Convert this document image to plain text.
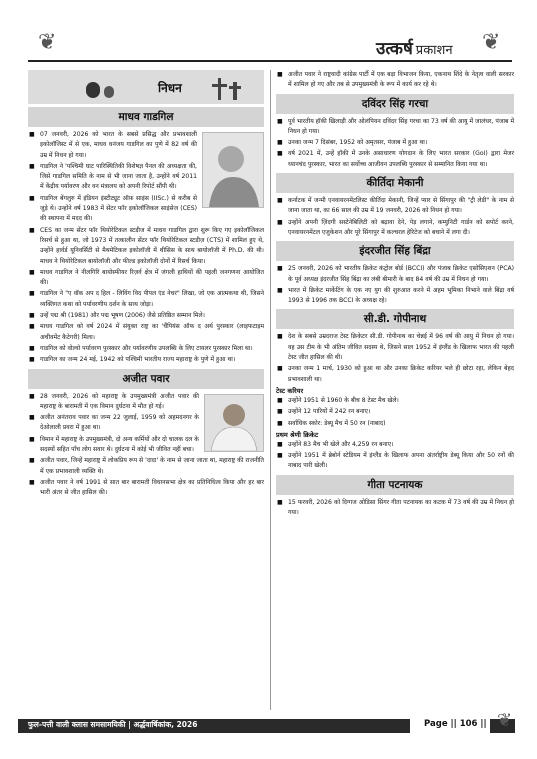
❦	उत्कर्ष प्रकाशन ❦
निधन
माधव गाडगिल
■ 07 जनवरी, 2026 को भारत के सबसे प्रसिद्ध और प्रभावशाली इकोलॉजिस्ट में से एक, माधव धनंजय गाडगिल का पुणे में 82 वर्ष की उम्र में निधन हो गया।
■ गाडगिल ने 'पश्चिमी घाट पारिस्थितिकी विशेषज्ञ पैनल की अध्यक्षता की, जिसे गाडगिल समिति के नाम से भी जाना जाता है, उन्होंने वर्ष 2011 में केंद्रीय पर्यावरण और वन मंत्रालय को अपनी रिपोर्ट सौंपी थी।
■ गाडगिल बेंगलुरु में इंडियन इंस्टीट्यूट ऑफ़ साइंस (IISc.) से करीब से जुड़े थे। उन्होंने वर्ष 1983 में सेंटर फॉर इकोलॉजिकल साइंसेज (CES) की स्थापना में मदद की।
■ CES का जन्म सेंटर फॉर थियोरेटिकल स्टडीज में माधव गाडगिल द्वारा शुरू किए गए इकोलॉजिकल रिसर्च से हुआ था, जो 1973 में तत्कालीन सेंटर फॉर थियोरेटिकल स्टडीज़ (CTS) में शामिल हुए थे, उन्होंने हार्वर्ड यूनिवर्सिटी से मैथमेटिकल इकोलॉजी में थीसिस के साथ बायोलॉजी में Ph.D. की थी। माधव ने थियोरेटिकल बायोलॉजी और फील्ड इकोलॉजी दोनों में रिसर्च किया।
■ माधव गाडगिल ने नीलगिरि बायोस्फीयर रिज़र्व क्षेत्र में जंगली हाथियों की पहली जनगणना आयोजित की।
■ गाडगिल ने "ए वॉक अप द हिल - लिविंग विद पीपल एंड नेचर" लिखा, जो एक आत्मकथा थी, जिसने व्यक्तिगत कथा को पर्यावरणीय दर्शन के साथ जोड़ा।
■ उन्हें पद्म श्री (1981) और पद्म भूषण (2006) जैसे प्रतिष्ठित सम्मान मिले।
■ माधव गाडगिल को वर्ष 2024 में संयुक्त राष्ट्र का 'चैंपियंस ऑफ द अर्थ पुरस्कार (लाइफटाइम अचीवमेंट कैटेगरी) मिला।
■ गाडगिल को वोल्वो पर्यावरण पुरस्कार और पर्यावरणीय उपलब्धि के लिए टायलर पुरस्कार मिला था।
■ गाडगिल का जन्म 24 मई, 1942 को पश्चिमी भारतीय राज्य महाराष्ट्र के पुणे में हुआ था।
अजीत पवार
■ 28 जनवरी, 2026 को महाराष्ट्र के उपमुख्यमंत्री अजीत पवार की महाराष्ट्र के बारामती में एक विमान दुर्घटना में मौत हो गई।
■ अजीत अनंतराव पवार का जन्म 22 जुलाई, 1959 को अहमदनगर के देओलाली प्रवरा में हुआ था।
■ विमान में महाराष्ट्र के उपमुख्यमंत्री, दो अन्य कर्मियों और दो चालक दल के सदस्यों सहित पाँच लोग सवार थे। दुर्घटना में कोई भी जीवित नहीं बचा।
■ अजीत पवार, जिन्हें महाराष्ट्र में लोकप्रिय रूप से 'दादा' के नाम से जाना जाता था, महाराष्ट्र की राजनीति में एक प्रभावशाली व्यक्ति थे।
■ अजीत पवार ने वर्ष 1991 से सात बार बारामती विधानसभा क्षेत्र का प्रतिनिधित्व किया और हर बार भारी अंतर से जीत हासिल की।
■ अजीत पवार ने राष्ट्रवादी कांग्रेस पार्टी में एक बड़ा विभाजन किया, एकनाथ शिंदे के नेतृत्व वाली सरकार में शामिल हो गए और तब से उपमुख्यमंत्री के रूप में कार्य कर रहे थे।
दविंदर सिंह गरचा
■ पूर्व भारतीय हॉकी खिलाड़ी और ओलंपियन दविंदर सिंह गरचा का 73 वर्ष की आयु में जालंधर, पंजाब में निधन हो गया।
■ उनका जन्म 7 दिसंबर, 1952 को अमृतसर, पंजाब में हुआ था।
■ वर्ष 2021 में, उन्हें हॉकी में उनके असाधारण योगदान के लिए भारत सरकार (GoI) द्वारा मेजर ध्यानचंद पुरस्कार, भारत का सर्वोच्च आजीवन उपलब्धि पुरस्कार से सम्मानित किया गया था।
कीर्तिदा मेकानी
■ कर्नाटक में जन्मी एनवायरनमेंटलिस्ट कीर्तिदा मेकानी, जिन्हें प्यार से सिंगापुर की "ट्री लेडी" के नाम से जाना जाता था, का 66 साल की उम्र में 19 जनवरी, 2026 को निधन हो गया।
■ उन्होंने अपनी ज़िंदगी सस्टेनेबिलिटी को बढ़ावा देने, पेड़ लगाने, कम्युनिटी गार्डन को सपोर्ट करने, एनवायरनमेंटल एजुकेशन और पूरे सिंगापुर में कल्चरल हेरिटेज को बचाने में लगा दी।
इंदरजीत सिंह बिंद्रा
■ 25 जनवरी, 2026 को भारतीय क्रिकेट कंट्रोल बोर्ड (BCCI) और पंजाब क्रिकेट एसोसिएशन (PCA) के पूर्व अध्यक्ष इंदरजीत सिंह बिंद्रा का लंबी बीमारी के बाद 84 वर्ष की उम्र में निधन हो गया।
■ भारत में क्रिकेट मार्केटिंग के एक नए युग की शुरुआत करने में अहम भूमिका निभाने वाले बिंद्रा वर्ष 1993 से 1996 तक BCCI के अध्यक्ष रहे।
सी.डी. गोपीनाथ
■ देश के सबसे उम्रदराज टेस्ट क्रिकेटर सी.डी. गोपीनाथ का चेन्नई में 96 वर्ष की आयु में निधन हो गया। वह उस टीम के भी अंतिम जीवित सदस्य थे, जिसने साल 1952 में इंग्लैंड के खिलाफ भारत की पहली टेस्ट जीत हासिल की थी।
■ उनका जन्म 1 मार्च, 1930 को हुआ था और उनका क्रिकेट करियर भले ही छोटा रहा, लेकिन बेहद प्रभावशाली था।
टेस्ट करियर
■ उन्होंने 1951 से 1960 के बीच 8 टेस्ट मैच खेले।
■ उन्होंने 12 पारियों में 242 रन बनाए।
■ सर्वाधिक स्कोर: डेब्यू मैच में 50 रन (नाबाद)
प्रथम श्रेणी क्रिकेट
■ उन्होंने 83 मैच भी खेले और 4,259 रन बनाए।
■ उन्होंने 1951 में ब्रेबोर्न स्टेडियम में इंग्लैंड के खिलाफ अपना अंतर्राष्ट्रीय डेब्यू किया और 50 रनों की नाबाद पारी खेली।
गीता पटनायक
■ 15 फरवरी, 2026 को दिग्गज ओडिसा सिंगर गीता पटनायक का कटक में 73 वर्ष की उम्र में निधन हो गया।
फुल-पत्ती वाली क्लास समसामयिकी | अर्द्धवार्षिकांक, 2026	Page || 106 || ❦
